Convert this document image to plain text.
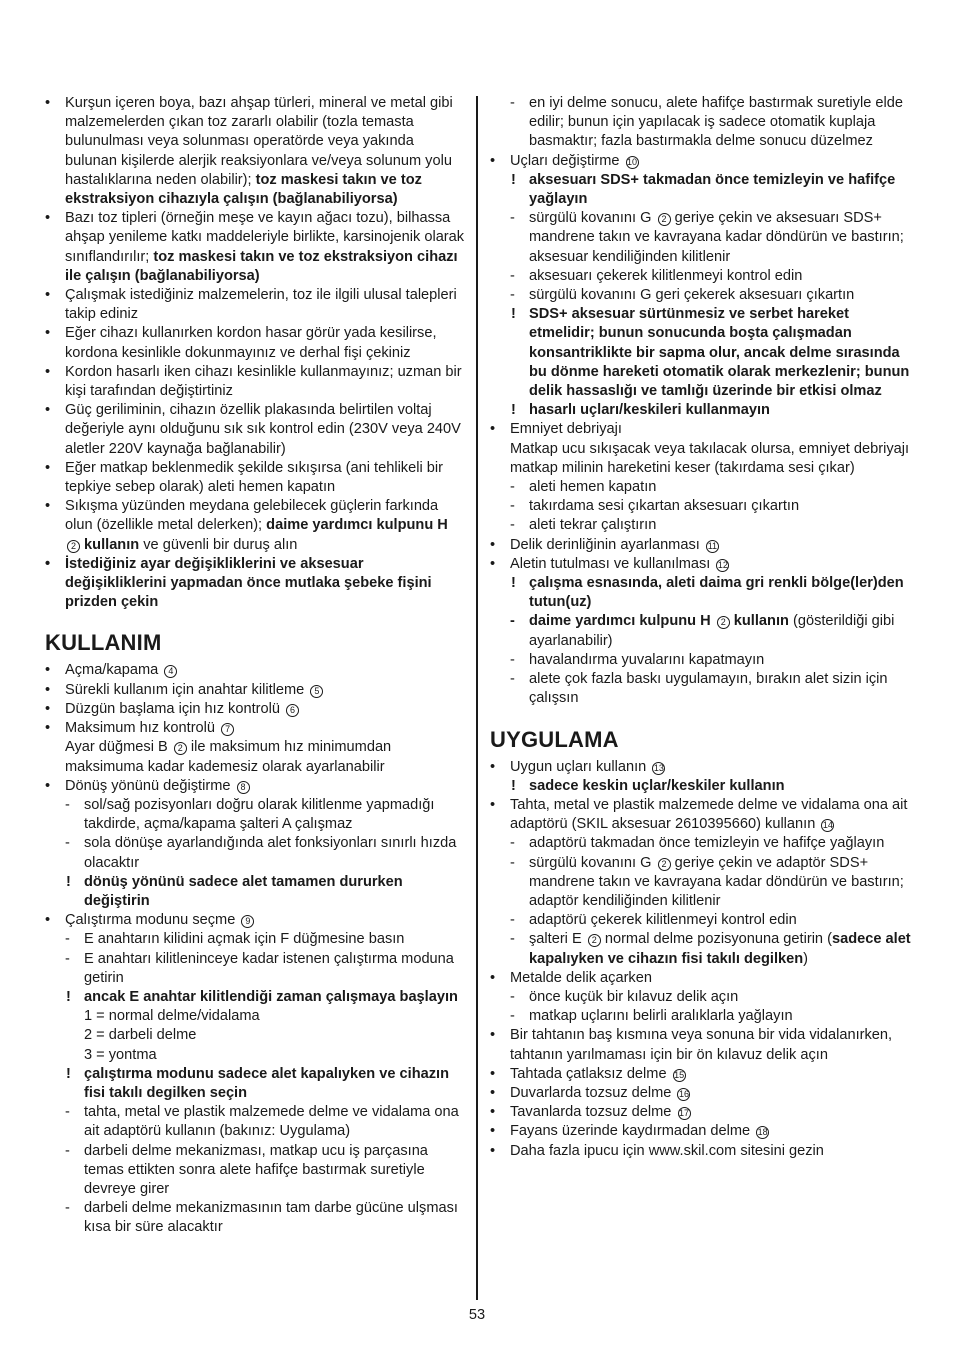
• Kurşun içeren boya, bazı ahşap türleri, mineral ve metal gibi malzemelerden çıkan toz zararlı olabilir (tozla temasta bulunulması veya solunması operatörde veya yakında bulunan kişilerde alerjik reaksiyonlara ve/veya solunum yolu hastalıklarına neden olabilir); toz maskesi takın ve toz ekstraksiyon cihazıyla çalışın (bağlanabiliyorsa)
• Bazı toz tipleri (örneğin meşe ve kayın ağacı tozu), bilhassa ahşap yenileme katkı maddeleriyle birlikte, karsinojenik olarak sınıflandırılır; toz maskesi takın ve toz ekstraksiyon cihazı ile çalışın (bağlanabiliyorsa)
• Çalışmak istediğiniz malzemelerin, toz ile ilgili ulusal talepleri takip ediniz
• Eğer cihazı kullanırken kordon hasar görür yada kesilirse, kordona kesinlikle dokunmayınız ve derhal fişi çekiniz
• Kordon hasarlı iken cihazı kesinlikle kullanmayınız; uzman bir kişi tarafından değiştirtiniz
• Güç geriliminin, cihazın özellik plakasında belirtilen voltaj değeriyle aynı olduğunu sık sık kontrol edin (230V veya 240V aletler 220V kaynağa bağlanabilir)
• Eğer matkap beklenmedik şekilde sıkışırsa (ani tehlikeli bir tepkiye sebep olarak) aleti hemen kapatın
• Sıkışma yüzünden meydana gelebilecek güçlerin farkında olun (özellikle metal delerken); daime yardımcı kulpunu H 2 kullanın ve güvenli bir duruş alın
• İstediğiniz ayar değişikliklerini ve aksesuar değişikliklerini yapmadan önce mutlaka şebeke fişini prizden çekin
KULLANIM
• Açma/kapama 4
• Sürekli kullanım için anahtar kilitleme 5
• Düzgün başlama için hız kontrolü 6
• Maksimum hız kontrolü 7
Ayar düğmesi B 2 ile maksimum hız minimumdan maksimuma kadar kademesiz olarak ayarlanabilir
• Dönüş yönünü değiştirme 8
- sol/sağ pozisyonları doğru olarak kilitlenme yapmadığı takdirde, açma/kapama şalteri A çalışmaz
- sola dönüşe ayarlandığında alet fonksiyonları sınırlı hızda olacaktır
! dönüş yönünü sadece alet tamamen dururken değiştirin
• Çalıştırma modunu seçme 9
- E anahtarın kilidini açmak için F düğmesine basın
- E anahtarı kilitleninceye kadar istenen çalıştırma moduna getirin
! ancak E anahtar kilitlendiği zaman çalışmaya başlayın
1 = normal delme/vidalama
2 = darbeli delme
3 = yontma
! çalıştırma modunu sadece alet kapalıyken ve cihazın fisi takılı degilken seçin
- tahta, metal ve plastik malzemede delme ve vidalama ona ait adaptörü kullanın (bakınız: Uygulama)
- darbeli delme mekanizması, matkap ucu iş parçasına temas ettikten sonra alete hafifçe bastırmak suretiyle devreye girer
- darbeli delme mekanizmasının tam darbe gücüne ulşması kısa bir süre alacaktır
- en iyi delme sonucu, alete hafifçe bastırmak suretiyle elde edilir; bunun için yapılacak iş sadece otomatik kuplaja basmaktır; fazla bastırmakla delme sonucu düzelmez
• Uçları değiştirme 10
! aksesuarı SDS+ takmadan önce temizleyin ve hafifçe yağlayın
- sürgülü kovanını G 2 geriye çekin ve aksesuarı SDS+ mandrene takın ve kavrayana kadar döndürün ve bastırın; aksesuar kendiliğinden kilitlenir
- aksesuarı çekerek kilitlenmeyi kontrol edin
- sürgülü kovanını G geri çekerek aksesuarı çıkartın
! SDS+ aksesuar sürtünmesiz ve serbet hareket etmelidir; bunun sonucunda boşta çalışmadan konsantriklikte bir sapma olur, ancak delme sırasında bu dönme hareketi otomatik olarak merkezlenir; bunun delik hassaslığı ve tamlığı üzerinde bir etkisi olmaz
! hasarlı uçları/keskileri kullanmayın
• Emniyet debriyajı
Matkap ucu sıkışacak veya takılacak olursa, emniyet debriyajı matkap milinin hareketini keser (takırdama sesi çıkar)
- aleti hemen kapatın
- takırdama sesi çıkartan aksesuarı çıkartın
- aleti tekrar çalıştırın
• Delik derinliğinin ayarlanması 11
• Aletin tutulması ve kullanılması 12
! çalışma esnasında, aleti daima gri renkli bölge(ler)den tutun(uz)
- daime yardımcı kulpunu H 2 kullanın (gösterildiği gibi ayarlanabilir)
- havalandırma yuvalarını kapatmayın
- alete çok fazla baskı uygulamayın, bırakın alet sizin için çalışsın
UYGULAMA
• Uygun uçları kullanın 13
! sadece keskin uçlar/keskiler kullanın
• Tahta, metal ve plastik malzemede delme ve vidalama ona ait adaptörü (SKIL aksesuar 2610395660) kullanın 14
- adaptörü takmadan önce temizleyin ve hafifçe yağlayın
- sürgülü kovanını G 2 geriye çekin ve adaptör SDS+ mandrene takın ve kavrayana kadar döndürün ve bastırın; adaptör kendiliğinden kilitlenir
- adaptörü çekerek kilitlenmeyi kontrol edin
- şalteri E 2 normal delme pozisyonuna getirin (sadece alet kapalıyken ve cihazın fisi takılı degilken)
• Metalde delik açarken
- önce kuçük bir kılavuz delik açın
- matkap uçlarını belirli aralıklarla yağlayın
• Bir tahtanın baş kısmına veya sonuna bir vida vidalanırken, tahtanın yarılmaması için bir ön kılavuz delik açın
• Tahtada çatlaksız delme 15
• Duvarlarda tozsuz delme 16
• Tavanlarda tozsuz delme 17
• Fayans üzerinde kaydırmadan delme 18
• Daha fazla ipucu için www.skil.com sitesini gezin
53
